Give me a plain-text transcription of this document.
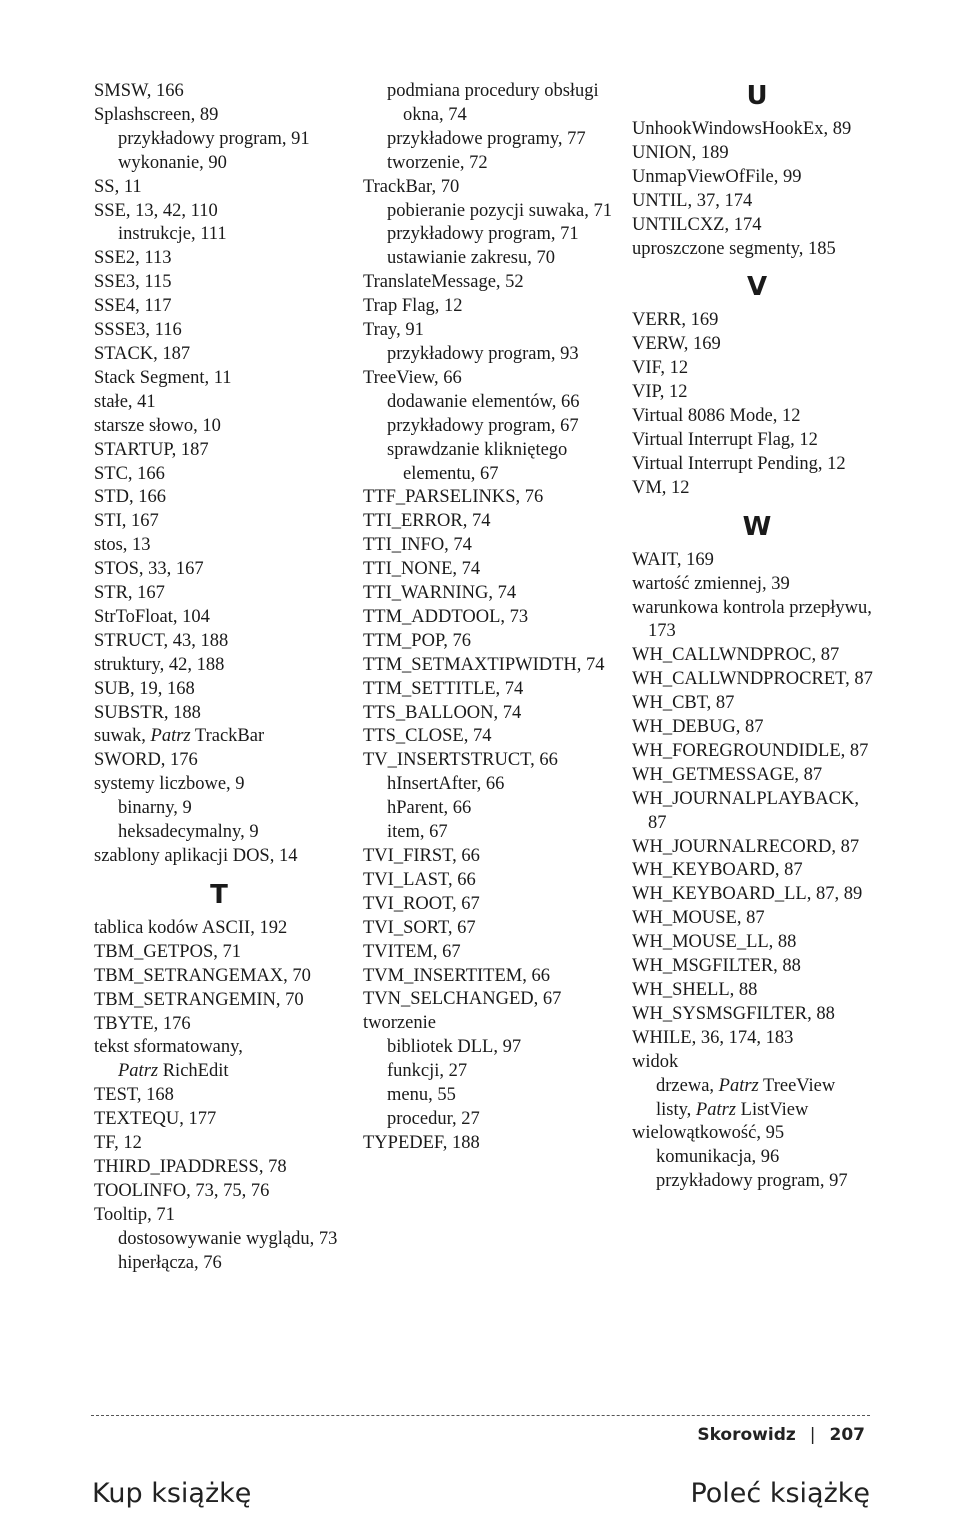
SMSW, 166
Splashscreen, 89
przykładowy program, 91
wykonanie, 90
SS, 11
SSE, 13, 42, 110
instrukcje, 111
SSE2, 113
SSE3, 115
SSE4, 117
SSSE3, 116
STACK, 187
Stack Segment, 11
stałe, 41
starsze słowo, 10
STARTUP, 187
STC, 166
STD, 166
STI, 167
stos, 13
STOS, 33, 167
STR, 167
StrToFloat, 104
STRUCT, 43, 188
struktury, 42, 188
SUB, 19, 168
SUBSTR, 188
suwak, Patrz TrackBar
SWORD, 176
systemy liczbowe, 9
binarny, 9
heksadecymalny, 9
szablony aplikacji DOS, 14
T
tablica kodów ASCII, 192
TBM_GETPOS, 71
TBM_SETRANGEMAX, 70
TBM_SETRANGEMIN, 70
TBYTE, 176
tekst sformatowany,
Patrz RichEdit
TEST, 168
TEXTEQU, 177
TF, 12
THIRD_IPADDRESS, 78
TOOLINFO, 73, 75, 76
Tooltip, 71
dostosowywanie wyglądu, 73
hiperłącza, 76
podmiana procedury obsługi okna, 74
przykładowe programy, 77
tworzenie, 72
TrackBar, 70
pobieranie pozycji suwaka, 71
przykładowy program, 71
ustawianie zakresu, 70
TranslateMessage, 52
Trap Flag, 12
Tray, 91
przykładowy program, 93
TreeView, 66
dodawanie elementów, 66
przykładowy program, 67
sprawdzanie klikniętego elementu, 67
TTF_PARSELINKS, 76
TTI_ERROR, 74
TTI_INFO, 74
TTI_NONE, 74
TTI_WARNING, 74
TTM_ADDTOOL, 73
TTM_POP, 76
TTM_SETMAXTIPWIDTH, 74
TTM_SETTITLE, 74
TTS_BALLOON, 74
TTS_CLOSE, 74
TV_INSERTSTRUCT, 66
hInsertAfter, 66
hParent, 66
item, 67
TVI_FIRST, 66
TVI_LAST, 66
TVI_ROOT, 67
TVI_SORT, 67
TVITEM, 67
TVM_INSERTITEM, 66
TVN_SELCHANGED, 67
tworzenie
bibliotek DLL, 97
funkcji, 27
menu, 55
procedur, 27
TYPEDEF, 188
U
UnhookWindowsHookEx, 89
UNION, 189
UnmapViewOfFile, 99
UNTIL, 37, 174
UNTILCXZ, 174
uproszczone segmenty, 185
V
VERR, 169
VERW, 169
VIF, 12
VIP, 12
Virtual 8086 Mode, 12
Virtual Interrupt Flag, 12
Virtual Interrupt Pending, 12
VM, 12
W
WAIT, 169
wartość zmiennej, 39
warunkowa kontrola przepływu, 173
WH_CALLWNDPROC, 87
WH_CALLWNDPROCRET, 87
WH_CBT, 87
WH_DEBUG, 87
WH_FOREGROUNDIDLE, 87
WH_GETMESSAGE, 87
WH_JOURNALPLAYBACK, 87
WH_JOURNALRECORD, 87
WH_KEYBOARD, 87
WH_KEYBOARD_LL, 87, 89
WH_MOUSE, 87
WH_MOUSE_LL, 88
WH_MSGFILTER, 88
WH_SHELL, 88
WH_SYSMSGFILTER, 88
WHILE, 36, 174, 183
widok
drzewa, Patrz TreeView
listy, Patrz ListView
wielowątkowość, 95
komunikacja, 96
przykładowy program, 97
Skorowidz | 207
Kup książkę	Poleć książkę
